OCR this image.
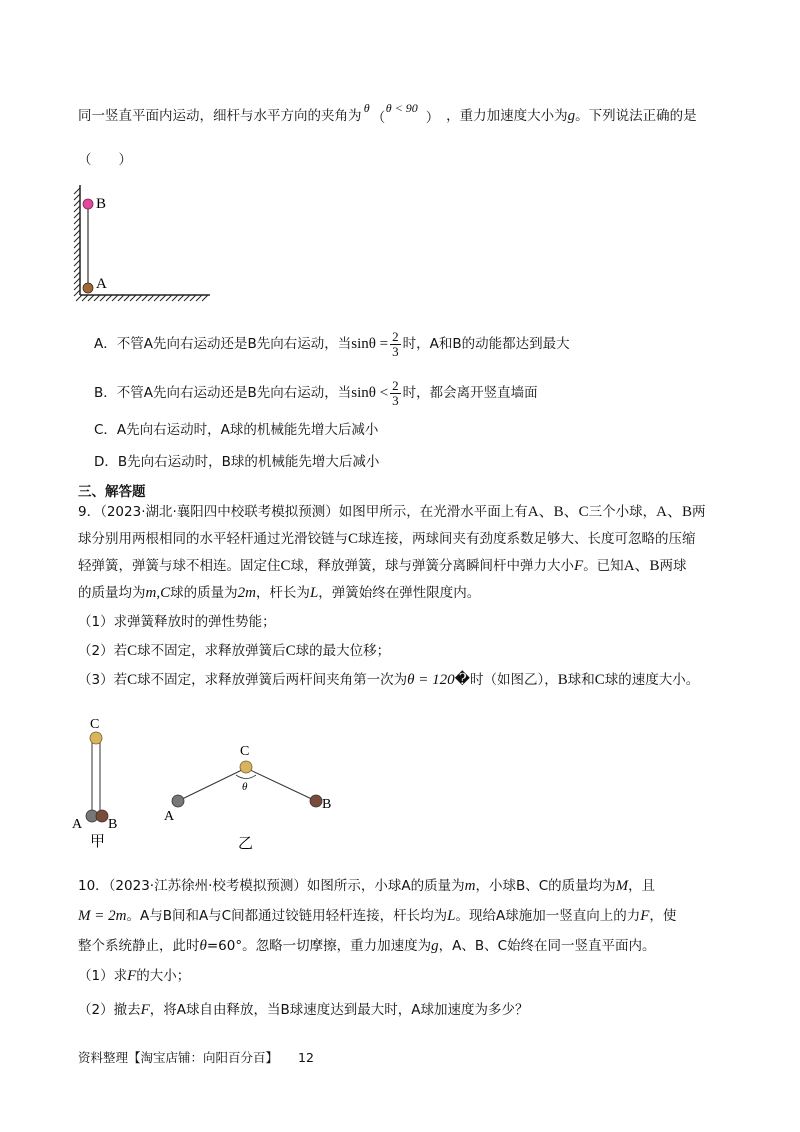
同一竖直平面内运动，细杆与水平方向的夹角为 θ θ < 90
（	） ，重力加速度大小为g。下列说法正确的是
（　　）
B
A
A．不管A先向右运动还是B先向右运动，当$\sin\theta = \frac{2}{3}$ 时，A和B的动能都达到最大
B．不管A先向右运动还是B先向右运动，当$\sin\theta < \frac{2}{3}$ 时，都会离开竖直墙面
C．A先向右运动时，A球的机械能先增大后减小
D．B先向右运动时，B球的机械能先增大后减小
三、解答题
9．（2023·湖北·襄阳四中校联考模拟预测）如图甲所示，在光滑水平面上有A、B、C三个小球，A、B两
球分别用两根相同的水平轻杆通过光滑铰链与C球连接，两球间夹有劲度系数足够大、长度可忽略的压缩
轻弹簧，弹簧与球不相连。固定住C球，释放弹簧，球与弹簧分离瞬间杆中弹力大小F。已知A、B两球
的质量均为m,C球的质量为2m，杆长为L，弹簧始终在弹性限度内。
（1）求弹簧释放时的弹性势能；
（2）若C球不固定，求释放弹簧后C球的最大位移；
（3）若C球不固定，求释放弹簧后两杆间夹角第一次为θ = 120�时（如图乙），B球和C球的速度大小。
C
A B
甲
C
θ
A
B
乙
10．（2023·江苏徐州·校考模拟预测）如图所示，小球A的质量为m，小球B、C的质量均为M，且
M = 2m。A与B间和A与C间都通过铰链用轻杆连接，杆长均为L。现给A球施加一竖直向上的力F，使
整个系统静止，此时θ=60°。忽略一切摩擦，重力加速度为g，A、B、C始终在同一竖直平面内。
（1）求F的大小；
（2）撤去F，将A球自由释放，当B球速度达到最大时，A球加速度为多少？
资料整理【淘宝店铺：向阳百分百】 12
